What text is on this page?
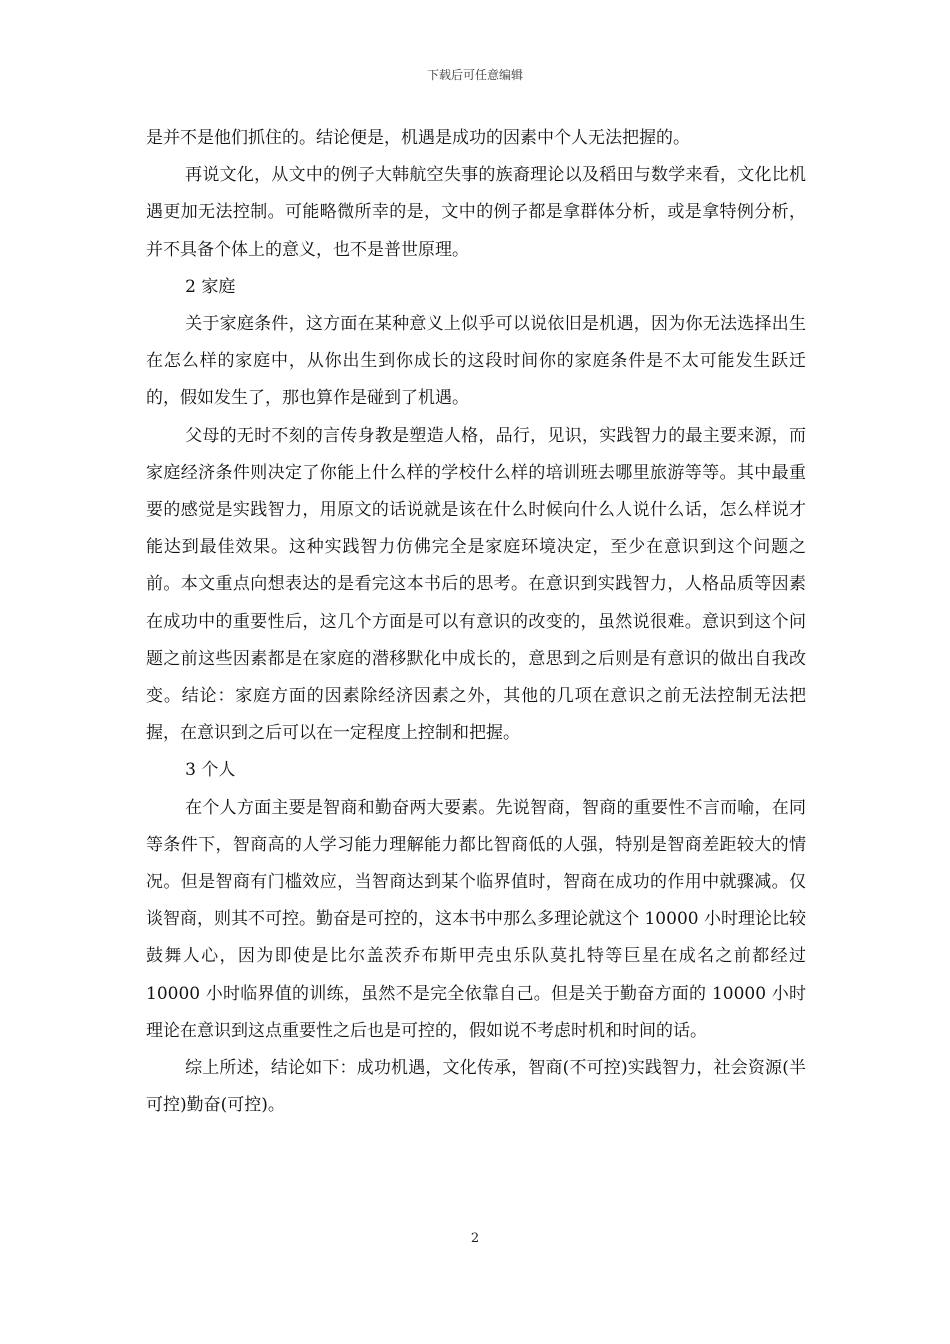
下载后可任意编辑

是并不是他们抓住的。结论便是，机遇是成功的因素中个人无法把握的。

再说文化，从文中的例子大韩航空失事的族裔理论以及稻田与数学来看，文化比机遇更加无法控制。可能略微所幸的是，文中的例子都是拿群体分析，或是拿特例分析，并不具备个体上的意义，也不是普世原理。

2 家庭

关于家庭条件，这方面在某种意义上似乎可以说依旧是机遇，因为你无法选择出生在怎么样的家庭中，从你出生到你成长的这段时间你的家庭条件是不太可能发生跃迁的，假如发生了，那也算作是碰到了机遇。

父母的无时不刻的言传身教是塑造人格，品行，见识，实践智力的最主要来源，而家庭经济条件则决定了你能上什么样的学校什么样的培训班去哪里旅游等等。其中最重要的感觉是实践智力，用原文的话说就是该在什么时候向什么人说什么话，怎么样说才能达到最佳效果。这种实践智力仿佛完全是家庭环境决定，至少在意识到这个问题之前。本文重点向想表达的是看完这本书后的思考。在意识到实践智力，人格品质等因素在成功中的重要性后，这几个方面是可以有意识的改变的，虽然说很难。意识到这个问题之前这些因素都是在家庭的潜移默化中成长的，意思到之后则是有意识的做出自我改变。结论：家庭方面的因素除经济因素之外，其他的几项在意识之前无法控制无法把握，在意识到之后可以在一定程度上控制和把握。

3 个人

在个人方面主要是智商和勤奋两大要素。先说智商，智商的重要性不言而喻，在同等条件下，智商高的人学习能力理解能力都比智商低的人强，特别是智商差距较大的情况。但是智商有门槛效应，当智商达到某个临界值时，智商在成功的作用中就骤减。仅谈智商，则其不可控。勤奋是可控的，这本书中那么多理论就这个 10000 小时理论比较鼓舞人心，因为即使是比尔盖茨乔布斯甲壳虫乐队莫扎特等巨星在成名之前都经过 10000 小时临界值的训练，虽然不是完全依靠自己。但是关于勤奋方面的 10000 小时理论在意识到这点重要性之后也是可控的，假如说不考虑时机和时间的话。

综上所述，结论如下：成功机遇，文化传承，智商(不可控)实践智力，社会资源(半可控)勤奋(可控)。

2
